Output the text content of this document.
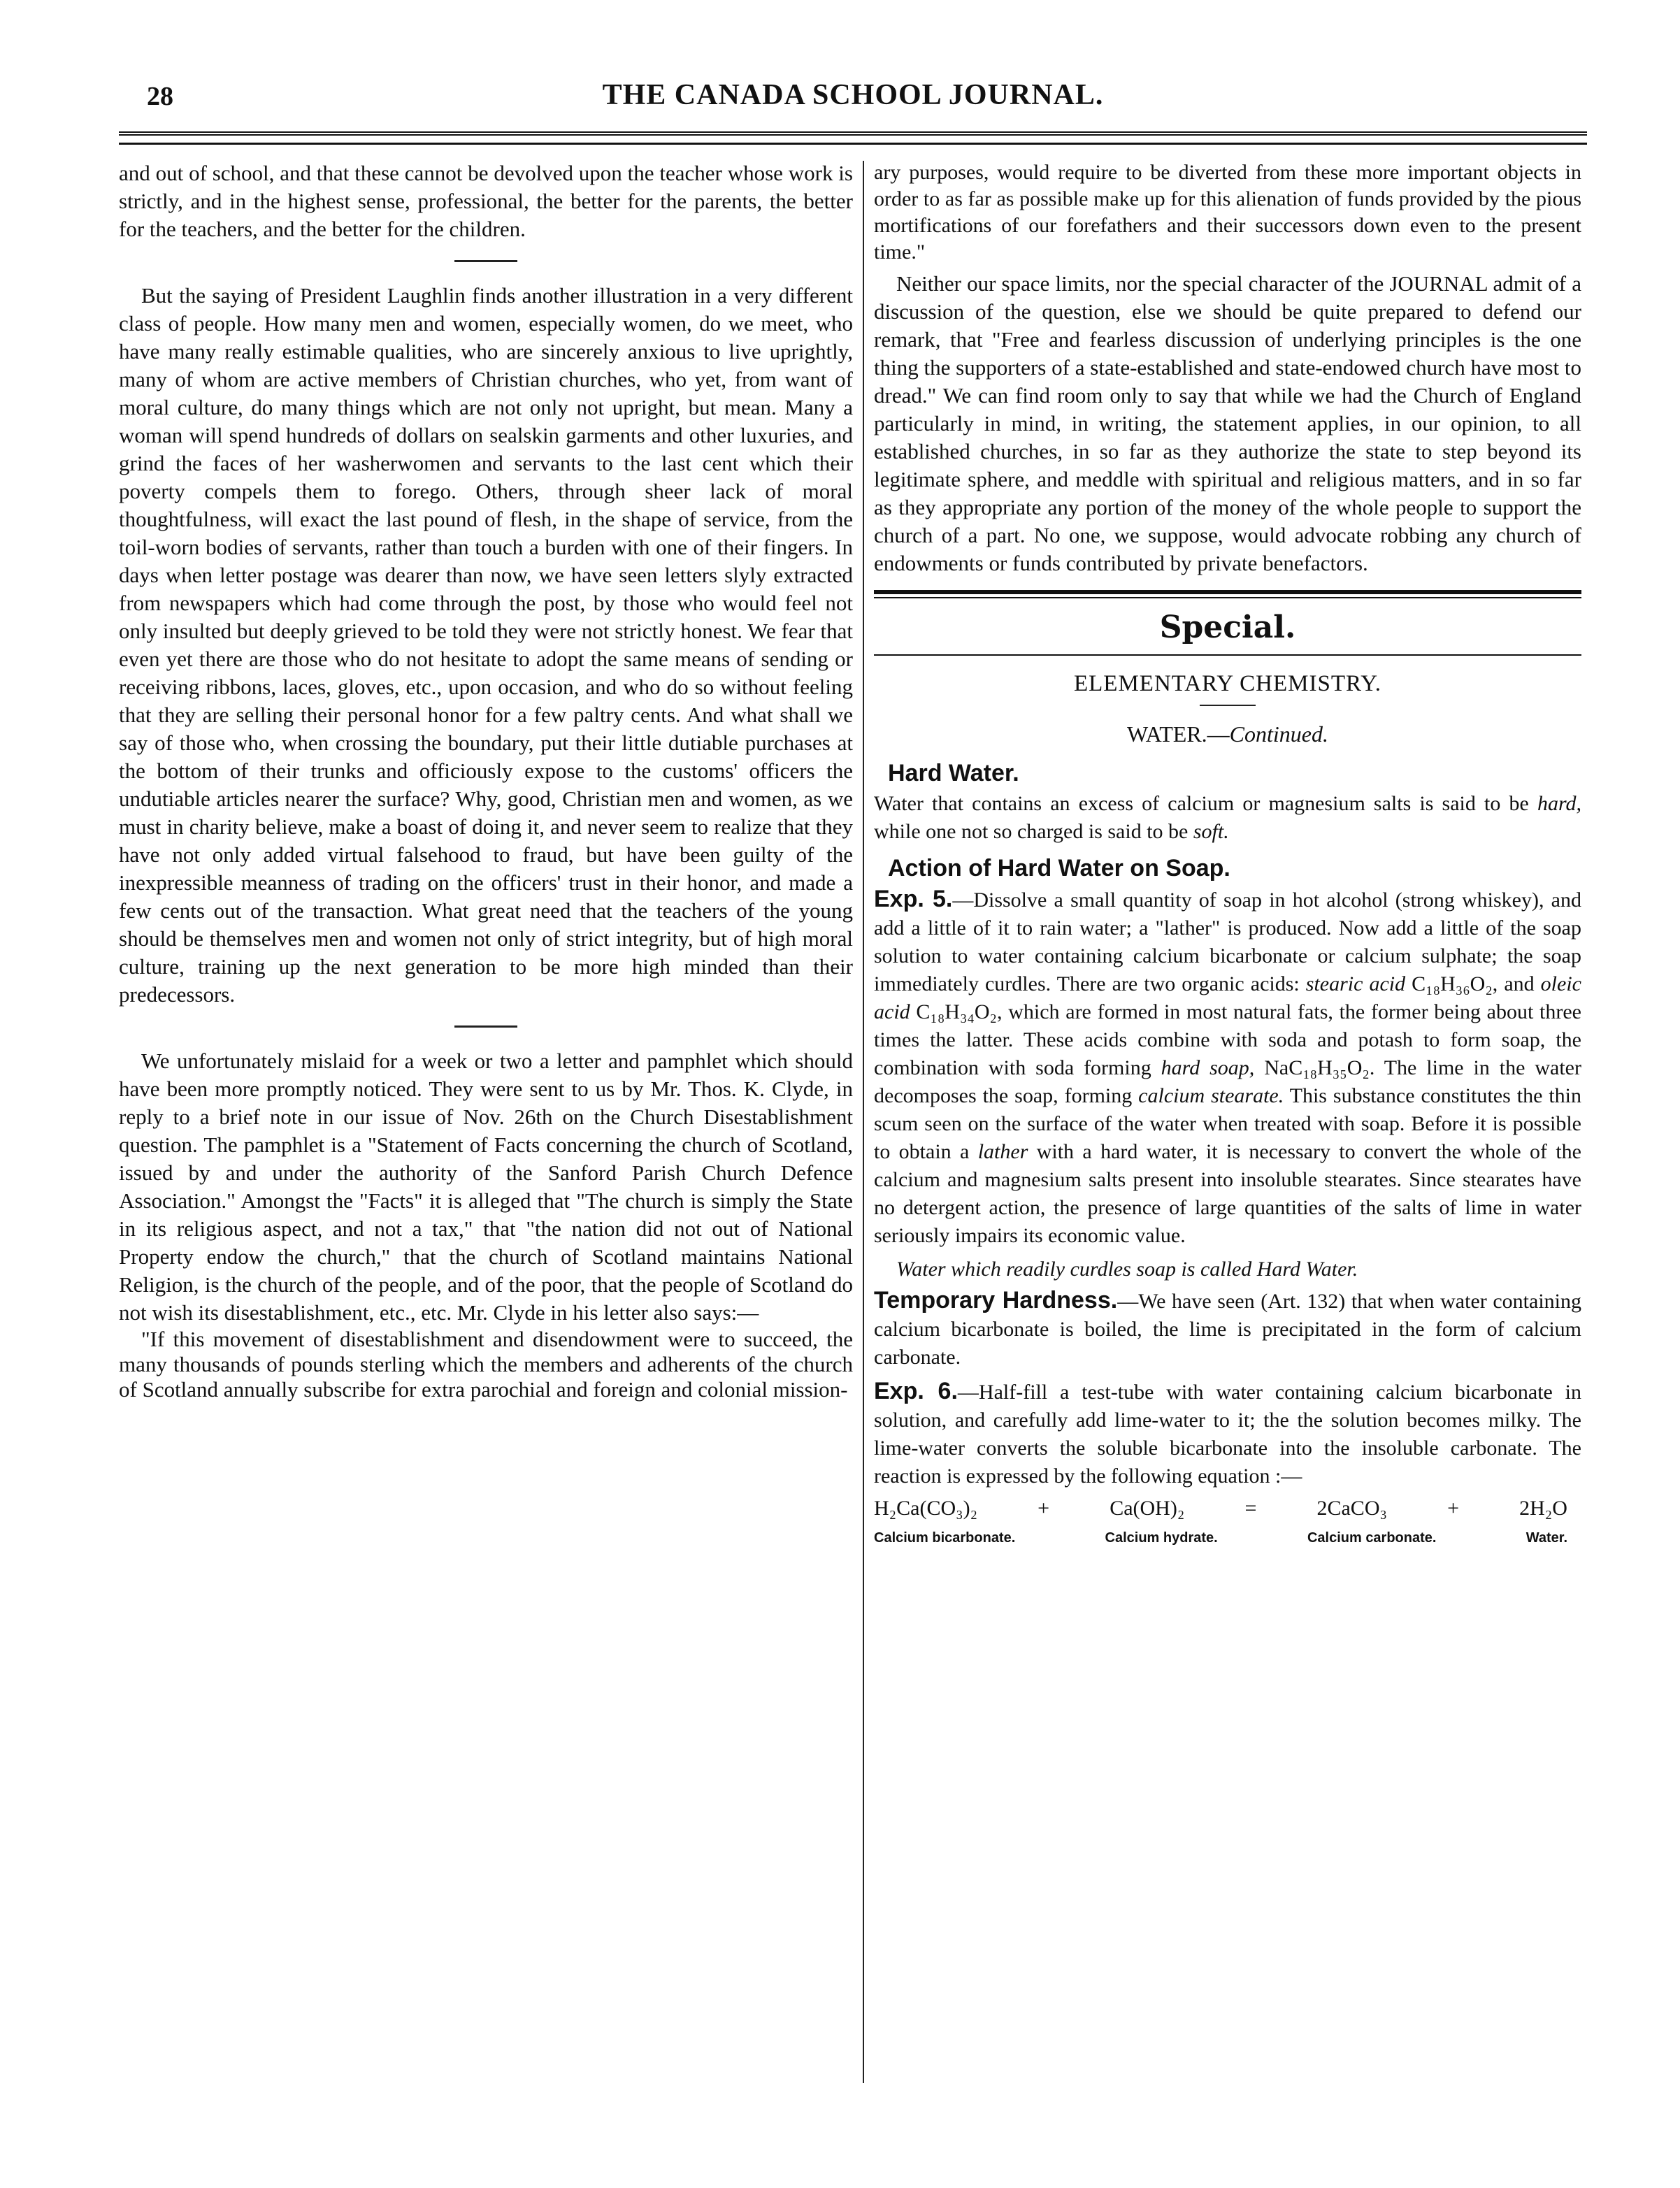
28	THE CANADA SCHOOL JOURNAL.

and out of school, and that these cannot be devolved upon the teacher whose work is strictly, and in the highest sense, professional, the better for the parents, the better for the teachers, and the better for the children.

But the saying of President Laughlin finds another illustration in a very different class of people. How many men and women, especially women, do we meet, who have many really estimable qualities, who are sincerely anxious to live uprightly, many of whom are active members of Christian churches, who yet, from want of moral culture, do many things which are not only not upright, but mean. Many a woman will spend hundreds of dollars on sealskin garments and other luxuries, and grind the faces of her washerwomen and servants to the last cent which their poverty compels them to forego. Others, through sheer lack of moral thoughtfulness, will exact the last pound of flesh, in the shape of service, from the toil-worn bodies of servants, rather than touch a burden with one of their fingers. In days when letter postage was dearer than now, we have seen letters slyly extracted from newspapers which had come through the post, by those who would feel not only insulted but deeply grieved to be told they were not strictly honest. We fear that even yet there are those who do not hesitate to adopt the same means of sending or receiving ribbons, laces, gloves, etc., upon occasion, and who do so without feeling that they are selling their personal honor for a few paltry cents. And what shall we say of those who, when crossing the boundary, put their little dutiable purchases at the bottom of their trunks and officiously expose to the customs' officers the undutiable articles nearer the surface? Why, good, Christian men and women, as we must in charity believe, make a boast of doing it, and never seem to realize that they have not only added virtual falsehood to fraud, but have been guilty of the inexpressible meanness of trading on the officers' trust in their honor, and made a few cents out of the transaction. What great need that the teachers of the young should be themselves men and women not only of strict integrity, but of high moral culture, training up the next generation to be more high minded than their predecessors.

We unfortunately mislaid for a week or two a letter and pamphlet which should have been more promptly noticed. They were sent to us by Mr. Thos. K. Clyde, in reply to a brief note in our issue of Nov. 26th on the Church Disestablishment question. The pamphlet is a "Statement of Facts concerning the church of Scotland, issued by and under the authority of the Sanford Parish Church Defence Association." Amongst the "Facts" it is alleged that "The church is simply the State in its religious aspect, and not a tax," that "the nation did not out of National Property endow the church," that the church of Scotland maintains National Religion, is the church of the people, and of the poor, that the people of Scotland do not wish its disestablishment, etc., etc. Mr. Clyde in his letter also says:—

"If this movement of disestablishment and disendowment were to succeed, the many thousands of pounds sterling which the members and adherents of the church of Scotland annually subscribe for extra parochial and foreign and colonial mission-

ary purposes, would require to be diverted from these more important objects in order to as far as possible make up for this alienation of funds provided by the pious mortifications of our forefathers and their successors down even to the present time."

Neither our space limits, nor the special character of the JOURNAL admit of a discussion of the question, else we should be quite prepared to defend our remark, that "Free and fearless discussion of underlying principles is the one thing the supporters of a state-established and state-endowed church have most to dread." We can find room only to say that while we had the Church of England particularly in mind, in writing, the statement applies, in our opinion, to all established churches, in so far as they authorize the state to step beyond its legitimate sphere, and meddle with spiritual and religious matters, and in so far as they appropriate any portion of the money of the whole people to support the church of a part. No one, we suppose, would advocate robbing any church of endowments or funds contributed by private benefactors.

Special.
ELEMENTARY CHEMISTRY.
WATER.—Continued.
Hard Water.

Water that contains an excess of calcium or magnesium salts is said to be hard, while one not so charged is said to be soft.

Action of Hard Water on Soap.

Exp. 5.—Dissolve a small quantity of soap in hot alcohol (strong whiskey), and add a little of it to rain water; a "lather" is produced. Now add a little of the soap solution to water containing calcium bicarbonate or calcium sulphate; the soap immediately curdles. There are two organic acids: stearic acid C₁₈H₃₆O₂, and oleic acid C₁₈H₃₄O₂, which are formed in most natural fats, the former being about three times the latter. These acids combine with soda and potash to form soap, the combination with soda forming hard soap, NaC₁₈H₃₅O₂. The lime in the water decomposes the soap, forming calcium stearate. This substance constitutes the thin scum seen on the surface of the water when treated with soap. Before it is possible to obtain a lather with a hard water, it is necessary to convert the whole of the calcium and magnesium salts present into insoluble stearates. Since stearates have no detergent action, the presence of large quantities of the salts of lime in water seriously impairs its economic value.

Water which readily curdles soap is called Hard Water.

Temporary Hardness.—We have seen (Art. 132) that when water containing calcium bicarbonate is boiled, the lime is precipitated in the form of calcium carbonate.

Exp. 6.—Half-fill a test-tube with water containing calcium bicarbonate in solution, and carefully add lime-water to it; the the solution becomes milky. The lime-water converts the soluble bicarbonate into the insoluble carbonate. The reaction is expressed by the following equation :—

H₂Ca(CO₃)₂	+	Ca(OH)₂	=	2CaCO₃	+	2H₂O
Calcium bicarbonate.	Calcium hydrate.	Calcium carbonate.	Water.
